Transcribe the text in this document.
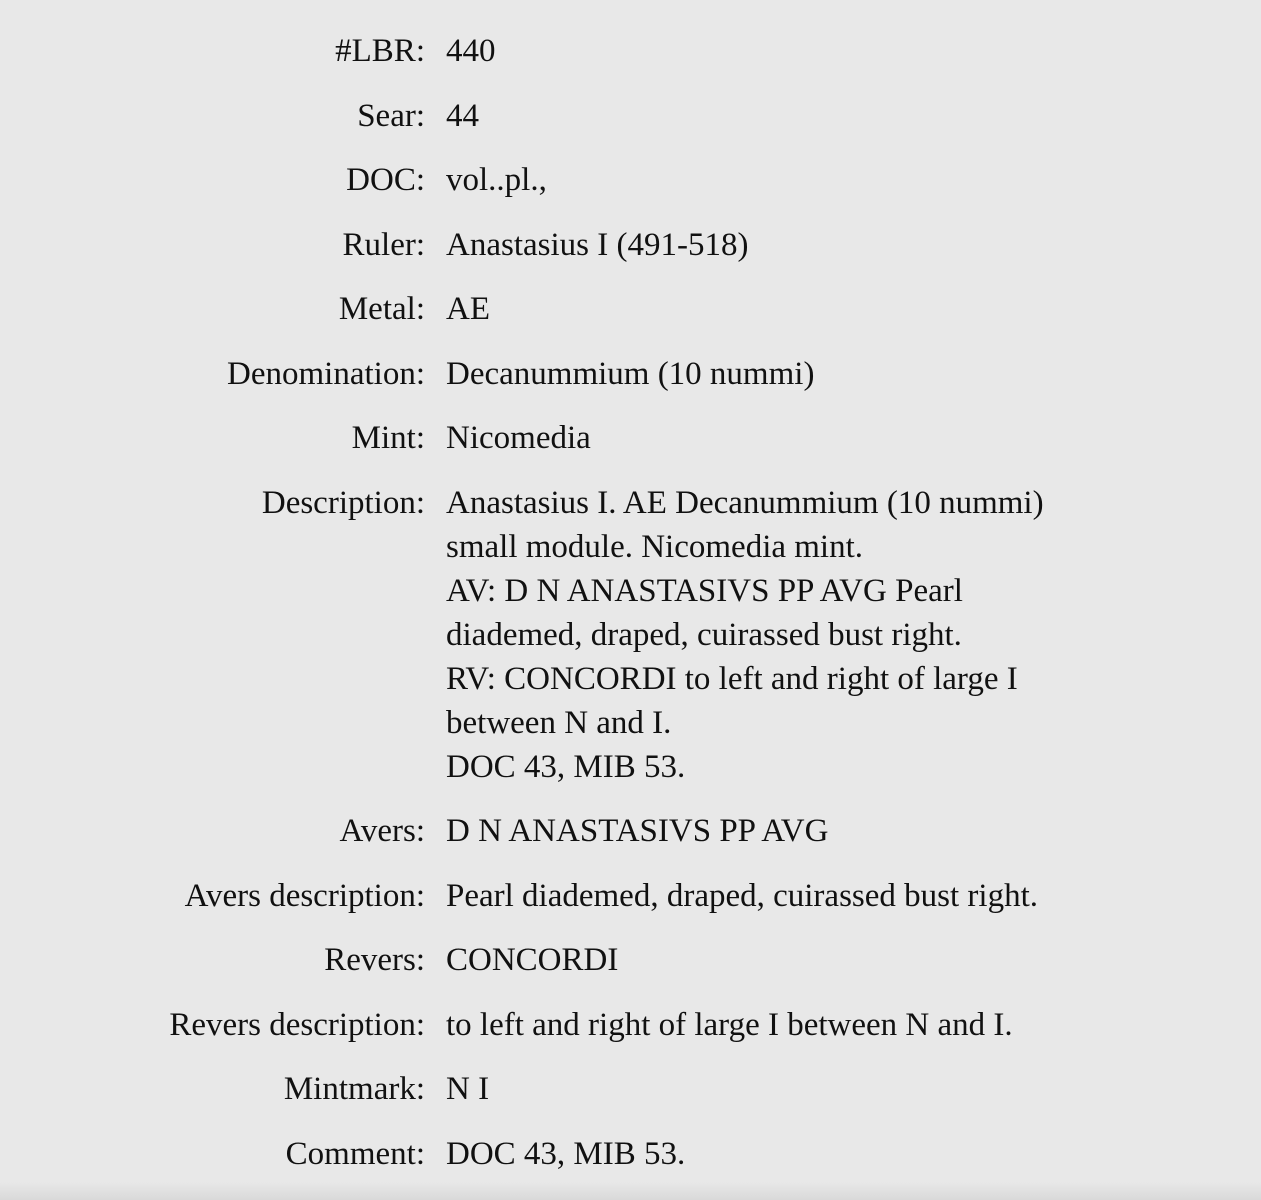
#LBR: 440
Sear: 44
DOC: vol..pl.,
Ruler: Anastasius I (491-518)
Metal: AE
Denomination: Decanummium (10 nummi)
Mint: Nicomedia
Description: Anastasius I. AE Decanummium (10 nummi)
small module. Nicomedia mint.
AV: D N ANASTASIVS PP AVG Pearl
diademed, draped, cuirassed bust right.
RV: CONCORDI to left and right of large I
between N and I.
DOC 43, MIB 53.
Avers: D N ANASTASIVS PP AVG
Avers description: Pearl diademed, draped, cuirassed bust right.
Revers: CONCORDI
Revers description: to left and right of large I between N and I.
Mintmark: N I
Comment: DOC 43, MIB 53.
